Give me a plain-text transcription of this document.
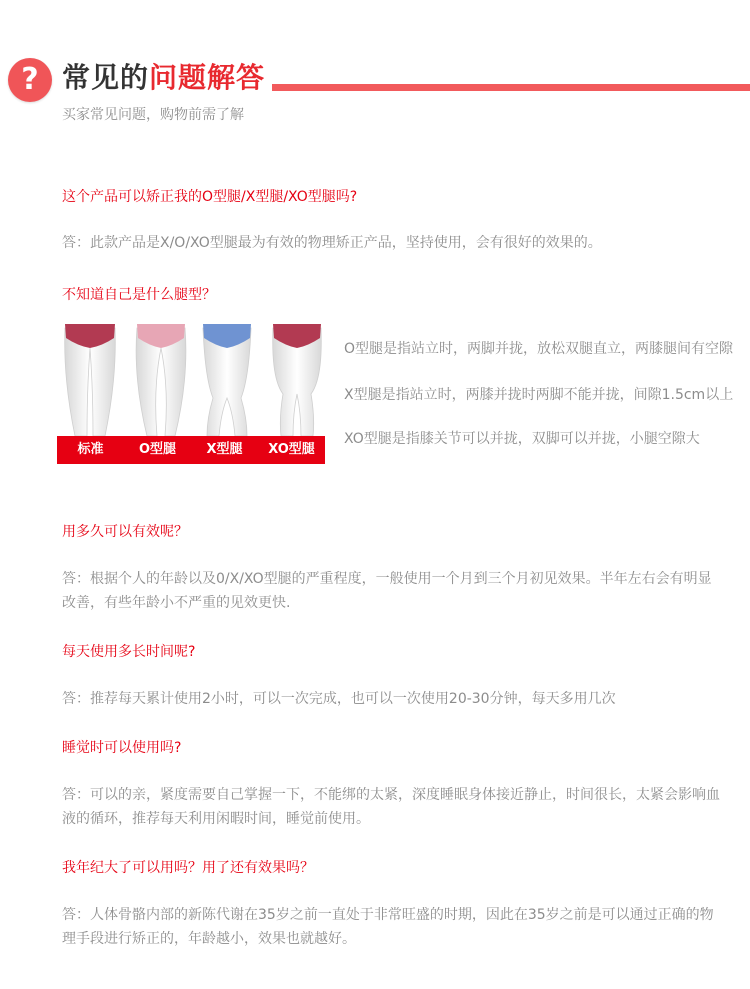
? 常见的问题解答
买家常见问题，购物前需了解
这个产品可以矫正我的O型腿/X型腿/XO型腿吗?
答：此款产品是X/O/XO型腿最为有效的物理矫正产品，坚持使用，会有很好的效果的。
不知道自己是什么腿型？
标准	O型腿	X型腿	XO型腿
O型腿是指站立时，两脚并拢，放松双腿直立，两膝腿间有空隙
X型腿是指站立时，两膝并拢时两脚不能并拢，间隙1.5cm以上
XO型腿是指膝关节可以并拢，双脚可以并拢，小腿空隙大
用多久可以有效呢？
答：根据个人的年龄以及0/X/XO型腿的严重程度，一般使用一个月到三个月初见效果。半年左右会有明显改善，有些年龄小不严重的见效更快.
每天使用多长时间呢?
答：推荐每天累计使用2小时，可以一次完成，也可以一次使用20-30分钟，每天多用几次
睡觉时可以使用吗?
答：可以的亲，紧度需要自己掌握一下，不能绑的太紧，深度睡眠身体接近静止，时间很长，太紧会影响血液的循环，推荐每天利用闲暇时间，睡觉前使用。
我年纪大了可以用吗？用了还有效果吗？
答：人体骨骼内部的新陈代谢在35岁之前一直处于非常旺盛的时期，因此在35岁之前是可以通过正确的物理手段进行矫正的，年龄越小，效果也就越好。
